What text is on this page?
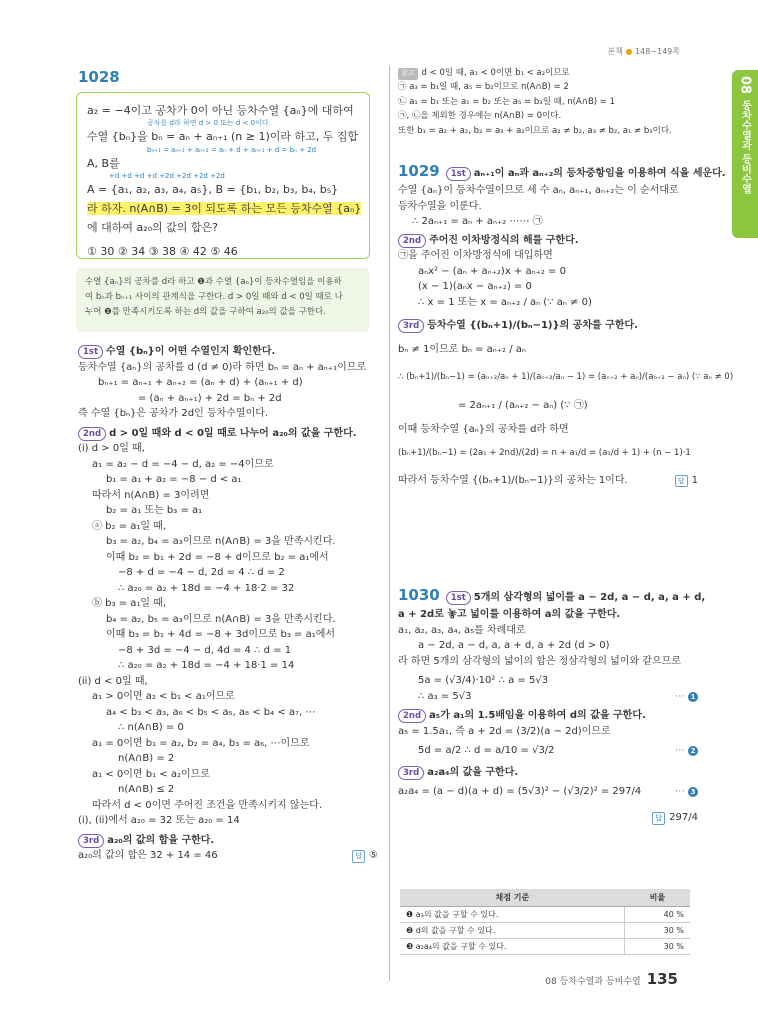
본책 ● 148~149쪽
08
등차수열과 등비수열

1028

a₂ = −4이고 공차가 0이 아닌 등차수열 {aₙ}에 대하여

공차를 d라 하면 d > 0 또는 d < 0이다.

수열 {bₙ}을 bₙ = aₙ + aₙ₊₁ (n ≥ 1)이라 하고, 두 집합

bₙ₊₁ = aₙ₊₁ + aₙ₊₂ = aₙ + d + aₙ₊₁ + d = bₙ + 2d

A, B를

+d +d +d +d +2d +2d +2d +2d

A = {a₁, a₂, a₃, a₄, a₅}, B = {b₁, b₂, b₃, b₄, b₅}

라 하자. n(A∩B) = 3이 되도록 하는 모든 등차수열 {aₙ}

에 대하여 a₂₀의 값의 합은?

① 30 ② 34 ③ 38 ④ 42 ⑤ 46

수열 {aₙ}의 공차를 d라 하고 ❶과 수열 {aₙ}이 등차수열임을 이용하

여 bₙ과 bₙ₊₁ 사이의 관계식을 구한다. d > 0일 때와 d < 0일 때로 나

누어 ❷를 만족시키도록 하는 d의 값을 구하여 a₂₀의 값을 구한다.

1st 수열 {bₙ}이 어떤 수열인지 확인한다.

등차수열 {aₙ}의 공차를 d (d ≠ 0)라 하면 bₙ = aₙ + aₙ₊₁이므로

bₙ₊₁ = aₙ₊₁ + aₙ₊₂ = (aₙ + d) + (aₙ₊₁ + d)

= (aₙ + aₙ₊₁) + 2d = bₙ + 2d

즉 수열 {bₙ}은 공차가 2d인 등차수열이다.

2nd d > 0일 때와 d < 0일 때로 나누어 a₂₀의 값을 구한다.

(i) d > 0일 때,

a₁ = a₂ − d = −4 − d, a₂ = −4이므로

b₁ = a₁ + a₂ = −8 − d < a₁

따라서 n(A∩B) = 3이려면

b₂ = a₁ 또는 b₃ = a₁

ⓐ b₂ = a₁일 때,

b₃ = a₂, b₄ = a₃이므로 n(A∩B) = 3을 만족시킨다.

이때 b₂ = b₁ + 2d = −8 + d이므로 b₂ = a₁에서

−8 + d = −4 − d, 2d = 4 ∴ d = 2

∴ a₂₀ = a₂ + 18d = −4 + 18·2 = 32

ⓑ b₃ = a₁일 때,

b₄ = a₂, b₅ = a₃이므로 n(A∩B) = 3을 만족시킨다.

이때 b₃ = b₁ + 4d = −8 + 3d이므로 b₃ = a₁에서

−8 + 3d = −4 − d, 4d = 4 ∴ d = 1

∴ a₂₀ = a₂ + 18d = −4 + 18·1 = 14

(ii) d < 0일 때,

a₁ > 0이면 a₂ < b₁ < a₁이므로

a₄ < b₃ < a₃, a₆ < b₅ < a₅, a₈ < b₄ < a₇, ⋯

∴ n(A∩B) = 0

a₁ = 0이면 b₁ = a₂, b₂ = a₄, b₃ = a₆, ⋯이므로

n(A∩B) = 2

a₁ < 0이면 b₁ < a₂이므로

n(A∩B) ≤ 2

따라서 d < 0이면 주어진 조건을 만족시키지 않는다.

(i), (ii)에서 a₂₀ = 32 또는 a₂₀ = 14

3rd a₂₀의 값의 합을 구한다.

a₂₀의 값의 합은 32 + 14 = 46	답 ⑤

참고 d < 0일 때, a₁ < 0이면 b₁ < a₂이므로

㉠ a₃ = b₁일 때, a₅ = b₂이므로 n(A∩B) = 2

㉡ a₁ = b₁ 또는 a₁ = b₂ 또는 a₅ = b₃일 때, n(A∩B) = 1

㉠, ㉡을 제외한 경우에는 n(A∩B) = 0이다.

또한 b₁ = a₂ + a₂, b₂ = a₃ + a₂이므로 a₂ ≠ b₂, a₃ ≠ b₂, a₁ ≠ b₃이다.

1029 1st aₙ₊₁이 aₙ과 aₙ₊₂의 등차중항임을 이용하여 식을 세운다.

수열 {aₙ}이 등차수열이므로 세 수 aₙ, aₙ₊₁, aₙ₊₂는 이 순서대로

등차수열을 이룬다.

∴ 2aₙ₊₁ = aₙ + aₙ₊₂ ⋯⋯ ㉠

2nd 주어진 이차방정식의 해를 구한다.

㉠을 주어진 이차방정식에 대입하면

aₙx² − (aₙ + aₙ₊₂)x + aₙ₊₂ = 0

(x − 1)(aₙx − aₙ₊₂) = 0

∴ x = 1 또는 x = aₙ₊₂ / aₙ (∵ aₙ ≠ 0)

3rd 등차수열 {(bₙ+1)/(bₙ−1)}의 공차를 구한다.

bₙ ≠ 1이므로 bₙ = aₙ₊₂ / aₙ

∴ (bₙ+1)/(bₙ−1) = (aₙ₊₂/aₙ + 1)/(aₙ₊₂/aₙ − 1) = (aₙ₊₂ + aₙ)/(aₙ₊₂ − aₙ) (∵ aₙ ≠ 0)

= 2aₙ₊₁ / (aₙ₊₂ − aₙ) (∵ ㉠)

이때 등차수열 {aₙ}의 공차를 d라 하면

(bₙ+1)/(bₙ−1) = (2a₁ + 2nd)/(2d) = n + a₁/d = (a₁/d + 1) + (n − 1)·1

따라서 등차수열 {(bₙ+1)/(bₙ−1)}의 공차는 1이다.	답 1

1030 1st 5개의 삼각형의 넓이를 a − 2d, a − d, a, a + d,

a + 2d로 놓고 넓이를 이용하여 a의 값을 구한다.

a₁, a₂, a₃, a₄, a₅를 차례대로

a − 2d, a − d, a, a + d, a + 2d (d > 0)

라 하면 5개의 삼각형의 넓이의 합은 정삼각형의 넓이와 같으므로

5a = (√3/4)·10² ∴ a = 5√3

∴ a₃ = 5√3	⋯ 1

2nd a₅가 a₁의 1.5배임을 이용하여 d의 값을 구한다.

a₅ = 1.5a₁, 즉 a + 2d = (3/2)(a − 2d)이므로

5d = a/2 ∴ d = a/10 = √3/2	⋯ 2

3rd a₂a₄의 값을 구한다.

a₂a₄ = (a − d)(a + d) = (5√3)² − (√3/2)² = 297/4	⋯ 3

답 297/4

채점 기준	비율
❶ a₃의 값을 구할 수 있다.	40 %
❷ d의 값을 구할 수 있다.	30 %
❸ a₂a₄의 값을 구할 수 있다.	30 %
08 등차수열과 등비수열 135
